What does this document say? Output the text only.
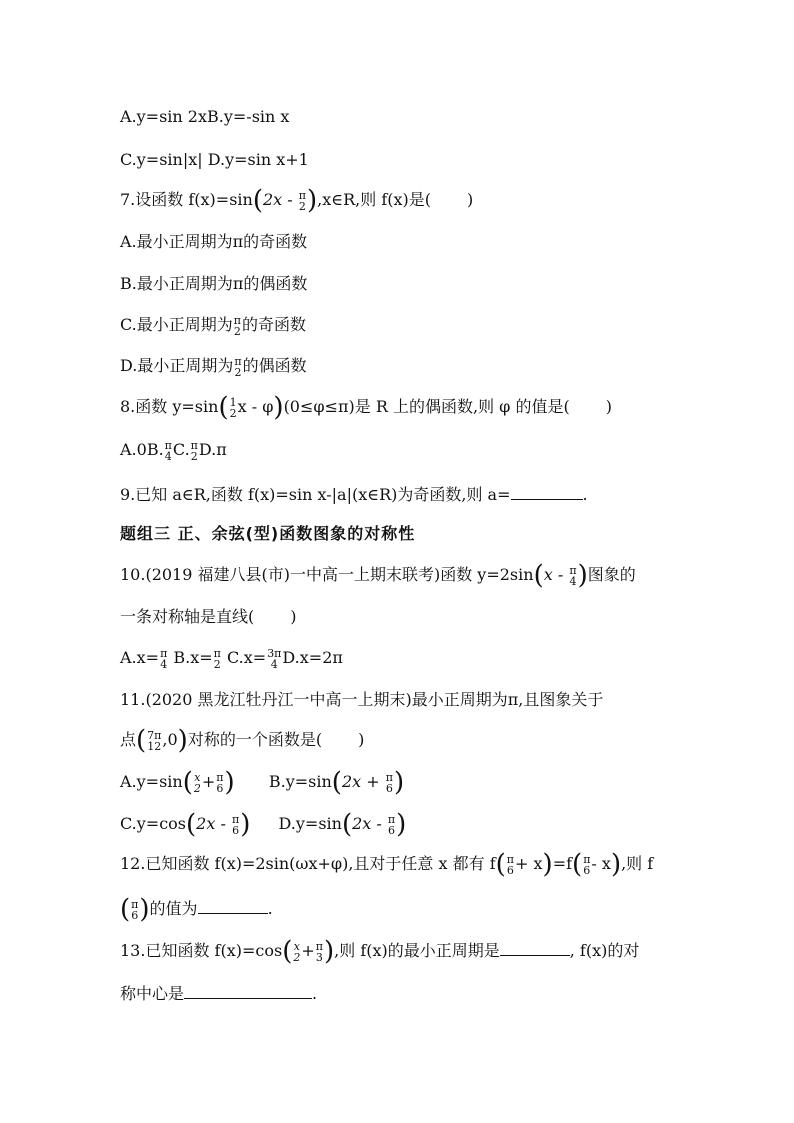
A.y=sin 2xB.y=-sin x
C.y=sin|x| D.y=sin x+1
7.设函数 f(x)=sin(2x - π
2 ),x∈R,则 f(x)是( )
A.最小正周期为π的奇函数
B.最小正周期为π的偶函数
C.最小正周期为 π
2 的奇函数
D.最小正周期为 π
2 的偶函数
8.函数 y=sin( 1
2 x - φ)(0≤φ≤π)是 R 上的偶函数,则 φ 的值是( )
A.0B. π
4 C. π
2 D.π
9.已知 a∈R,函数 f(x)=sin x-|a|(x∈R)为奇函数,则 a=	.
题组三 正、余弦(型)函数图象的对称性
10.(2019 福建八县(市)一中高一上期末联考)函数 y=2sin(x - π
4 )图象的
一条对称轴是直线( )
A.x= π
4 B.x= π
2 C.x= 3π
4 D.x=2π
11.(2020 黑龙江牡丹江一中高一上期末)最小正周期为π,且图象关于
点( 7π
12 ,0)对称的一个函数是( )
A.y=sin( x
2 + π
6 ) B.y=sin(2x + π
6 )
C.y=cos(2x - π
6 ) D.y=sin(2x - π
6 )
12.已知函数 f(x)=2sin(ωx+φ),且对于任意 x 都有 f( π
6 + x)=f( π
6 - x),则 f
( π
6 )的值为	.
13.已知函数 f(x)=cos( x
2 + π
3 ),则 f(x)的最小正周期是	, f(x)的对
称中心是	.
